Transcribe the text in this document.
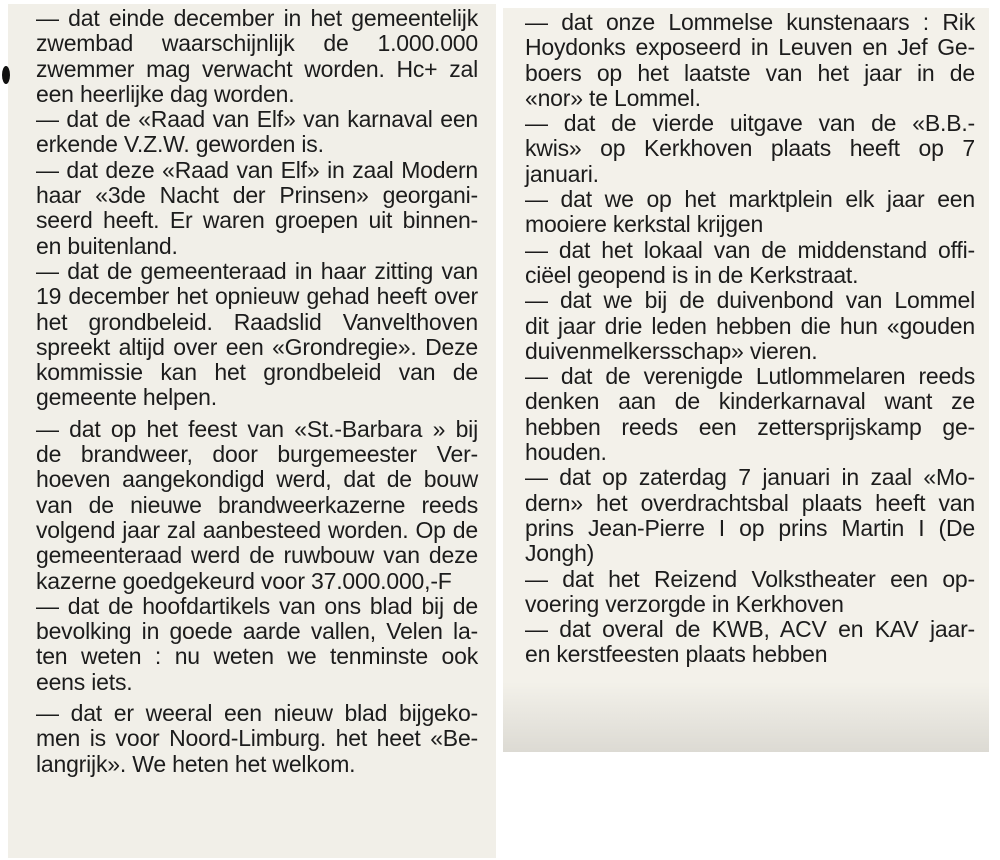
— dat einde december in het gemeentelijk
zwembad waarschijnlijk de 1.000.000
zwemmer mag verwacht worden. Hc+ zal
een heerlijke dag worden.
— dat de «Raad van Elf» van karnaval een
erkende V.Z.W. geworden is.
— dat deze «Raad van Elf» in zaal Modern
haar «3de Nacht der Prinsen» georgani-
seerd heeft. Er waren groepen uit binnen-
en buitenland.
— dat de gemeenteraad in haar zitting van
19 december het opnieuw gehad heeft over
het grondbeleid. Raadslid Vanvelthoven
spreekt altijd over een «Grondregie». Deze
kommissie kan het grondbeleid van de
gemeente helpen.
— dat op het feest van «St.-Barbara » bij
de brandweer, door burgemeester Ver-
hoeven aangekondigd werd, dat de bouw
van de nieuwe brandweerkazerne reeds
volgend jaar zal aanbesteed worden. Op de
gemeenteraad werd de ruwbouw van deze
kazerne goedgekeurd voor 37.000.000,-F
— dat de hoofdartikels van ons blad bij de
bevolking in goede aarde vallen, Velen la-
ten weten : nu weten we tenminste ook
eens iets.
— dat er weeral een nieuw blad bijgeko-
men is voor Noord-Limburg. het heet «Be-
langrijk». We heten het welkom.
— dat onze Lommelse kunstenaars : Rik
Hoydonks exposeerd in Leuven en Jef Ge-
boers op het laatste van het jaar in de
«nor» te Lommel.
— dat de vierde uitgave van de «B.B.-
kwis» op Kerkhoven plaats heeft op 7
januari.
— dat we op het marktplein elk jaar een
mooiere kerkstal krijgen
— dat het lokaal van de middenstand offi-
ciëel geopend is in de Kerkstraat.
— dat we bij de duivenbond van Lommel
dit jaar drie leden hebben die hun «gouden
duivenmelkersschap» vieren.
— dat de verenigde Lutlommelaren reeds
denken aan de kinderkarnaval want ze
hebben reeds een zettersprijskamp ge-
houden.
— dat op zaterdag 7 januari in zaal «Mo-
dern» het overdrachtsbal plaats heeft van
prins Jean-Pierre I op prins Martin I (De
Jongh)
— dat het Reizend Volkstheater een op-
voering verzorgde in Kerkhoven
— dat overal de KWB, ACV en KAV jaar-
en kerstfeesten plaats hebben
